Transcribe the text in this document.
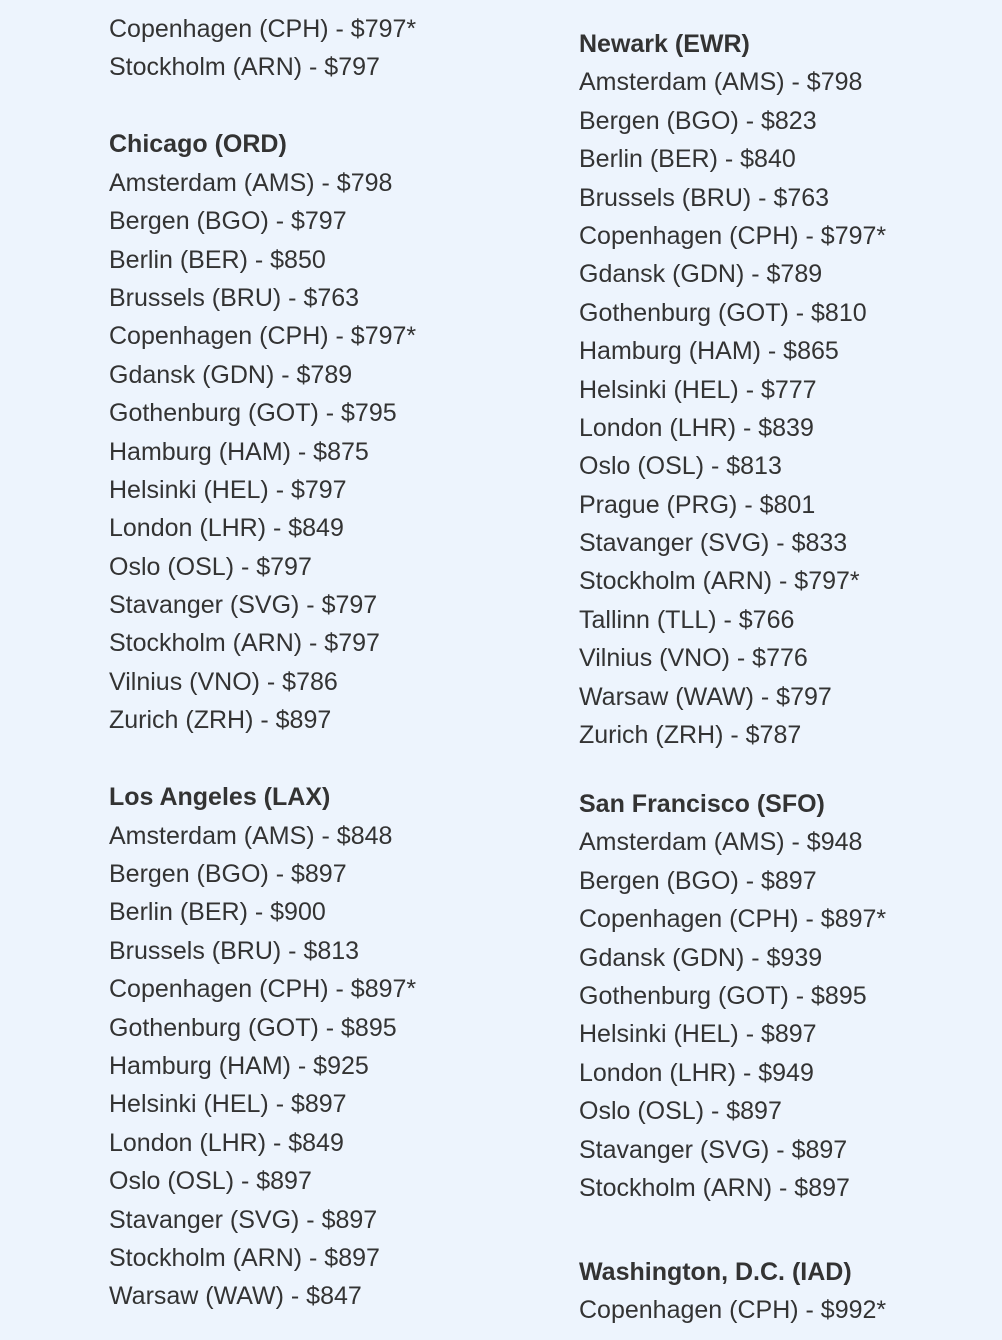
Copenhagen (CPH) - $797*
Stockholm (ARN) - $797
Chicago (ORD)
Amsterdam (AMS) - $798
Bergen (BGO) - $797
Berlin (BER) - $850
Brussels (BRU) - $763
Copenhagen (CPH) - $797*
Gdansk (GDN) - $789
Gothenburg (GOT) - $795
Hamburg (HAM) - $875
Helsinki (HEL) - $797
London (LHR) - $849
Oslo (OSL) - $797
Stavanger (SVG) - $797
Stockholm (ARN) - $797
Vilnius (VNO) - $786
Zurich (ZRH) - $897
Los Angeles (LAX)
Amsterdam (AMS) - $848
Bergen (BGO) - $897
Berlin (BER) - $900
Brussels (BRU) - $813
Copenhagen (CPH) - $897*
Gothenburg (GOT) - $895
Hamburg (HAM) - $925
Helsinki (HEL) - $897
London (LHR) - $849
Oslo (OSL) - $897
Stavanger (SVG) - $897
Stockholm (ARN) - $897
Warsaw (WAW) - $847
Newark (EWR)
Amsterdam (AMS) - $798
Bergen (BGO) - $823
Berlin (BER) - $840
Brussels (BRU) - $763
Copenhagen (CPH) - $797*
Gdansk (GDN) - $789
Gothenburg (GOT) - $810
Hamburg (HAM) - $865
Helsinki (HEL) - $777
London (LHR) - $839
Oslo (OSL) - $813
Prague (PRG) - $801
Stavanger (SVG) - $833
Stockholm (ARN) - $797*
Tallinn (TLL) - $766
Vilnius (VNO) - $776
Warsaw (WAW) - $797
Zurich (ZRH) - $787
San Francisco (SFO)
Amsterdam (AMS) - $948
Bergen (BGO) - $897
Copenhagen (CPH) - $897*
Gdansk (GDN) - $939
Gothenburg (GOT) - $895
Helsinki (HEL) - $897
London (LHR) - $949
Oslo (OSL) - $897
Stavanger (SVG) - $897
Stockholm (ARN) - $897
Washington, D.C. (IAD)
Copenhagen (CPH) - $992*
